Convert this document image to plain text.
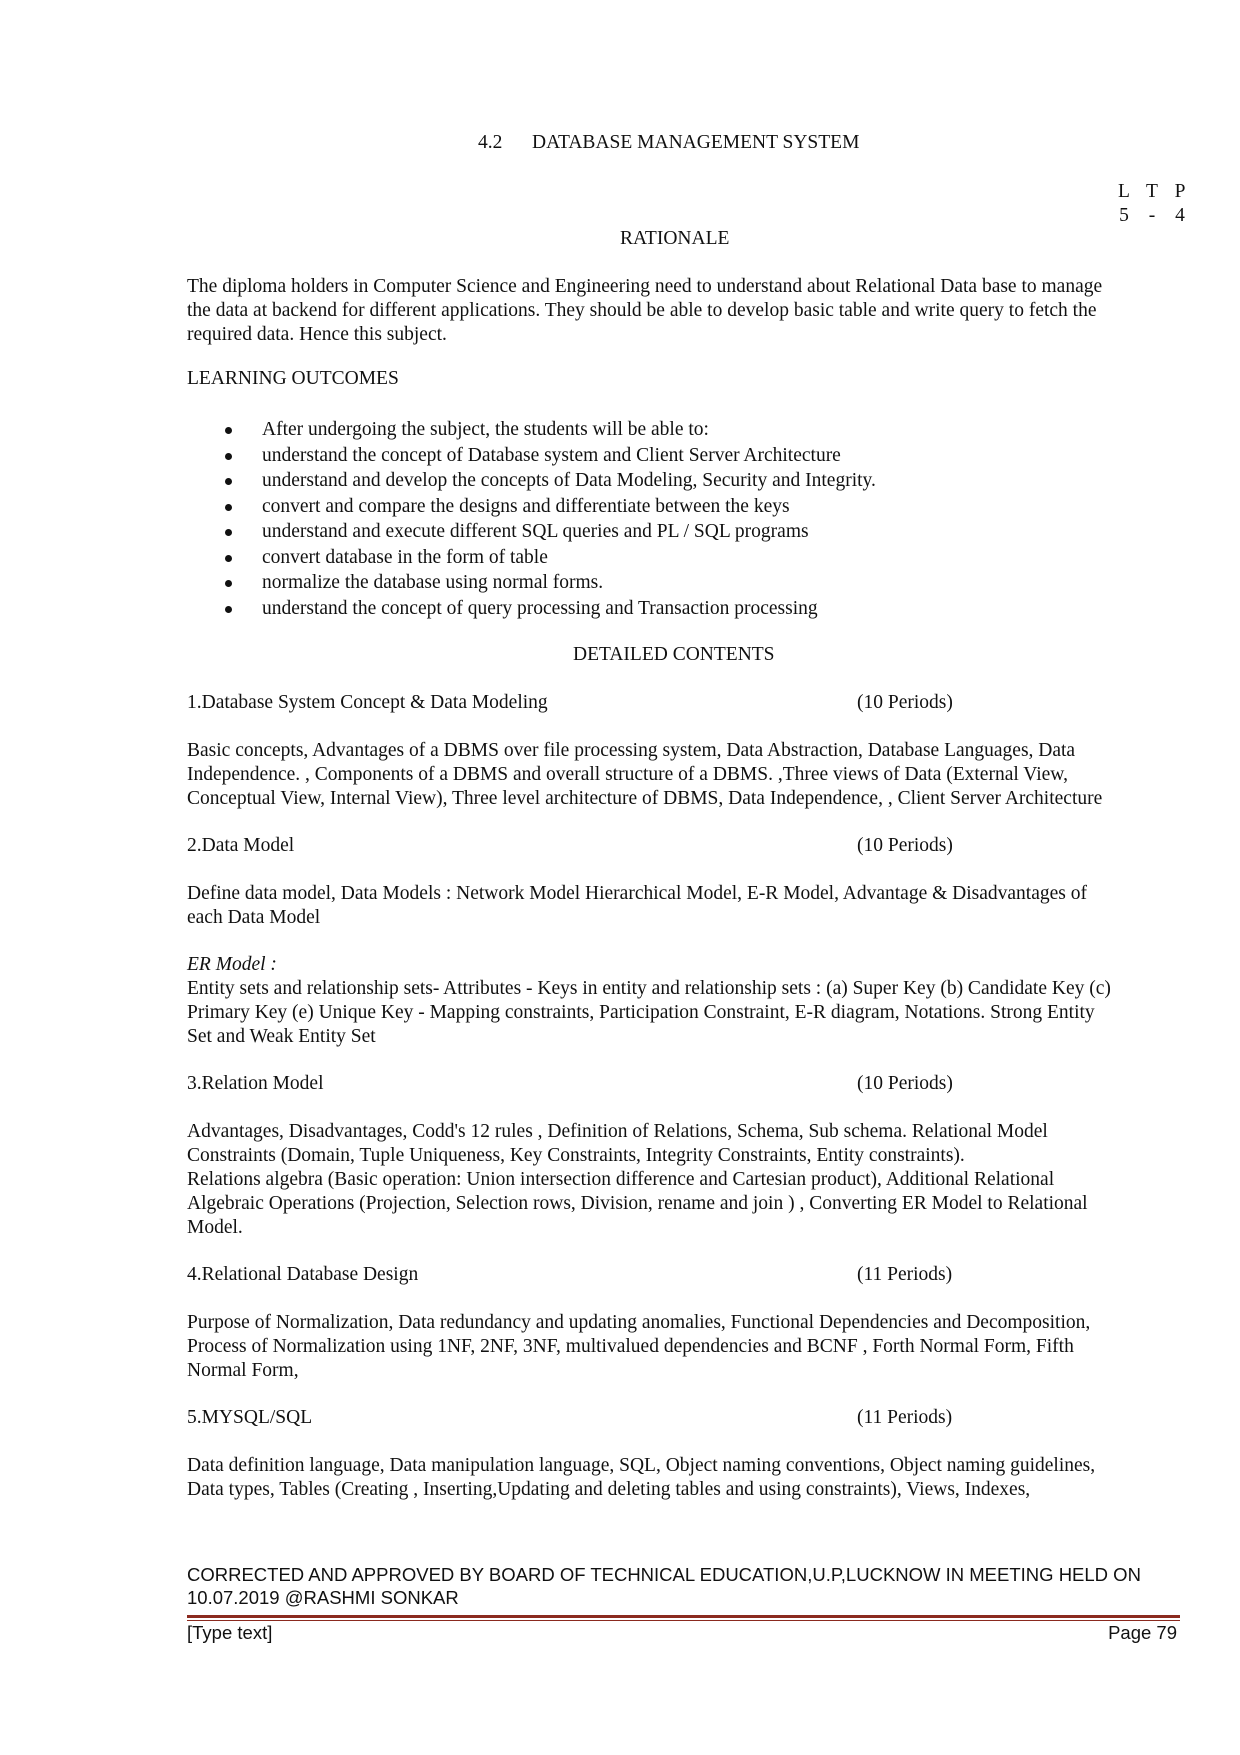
4.2 DATABASE MANAGEMENT SYSTEM
L T P
5 - 4
RATIONALE
The diploma holders in Computer Science and Engineering need to understand about Relational Data base to manage
the data at backend for different applications. They should be able to develop basic table and write query to fetch the
required data. Hence this subject.
LEARNING OUTCOMES
After undergoing the subject, the students will be able to:
understand the concept of Database system and Client Server Architecture
understand and develop the concepts of Data Modeling, Security and Integrity.
convert and compare the designs and differentiate between the keys
understand and execute different SQL queries and PL / SQL programs
convert database in the form of table
normalize the database using normal forms.
understand the concept of query processing and Transaction processing
DETAILED CONTENTS
1.Database System Concept & Data Modeling	(10 Periods)
Basic concepts, Advantages of a DBMS over file processing system, Data Abstraction, Database Languages, Data
Independence. , Components of a DBMS and overall structure of a DBMS. ,Three views of Data (External View,
Conceptual View, Internal View), Three level architecture of DBMS, Data Independence, , Client Server Architecture
2.Data Model	(10 Periods)
Define data model, Data Models : Network Model Hierarchical Model, E-R Model, Advantage & Disadvantages of
each Data Model
ER Model :
Entity sets and relationship sets- Attributes - Keys in entity and relationship sets : (a) Super Key (b) Candidate Key (c)
Primary Key (e) Unique Key - Mapping constraints, Participation Constraint, E-R diagram, Notations. Strong Entity
Set and Weak Entity Set
3.Relation Model	(10 Periods)
Advantages, Disadvantages, Codd's 12 rules , Definition of Relations, Schema, Sub schema. Relational Model
Constraints (Domain, Tuple Uniqueness, Key Constraints, Integrity Constraints, Entity constraints).
Relations algebra (Basic operation: Union intersection difference and Cartesian product), Additional Relational
Algebraic Operations (Projection, Selection rows, Division, rename and join ) , Converting ER Model to Relational
Model.
4.Relational Database Design	(11 Periods)
Purpose of Normalization, Data redundancy and updating anomalies, Functional Dependencies and Decomposition,
Process of Normalization using 1NF, 2NF, 3NF, multivalued dependencies and BCNF , Forth Normal Form, Fifth
Normal Form,
5.MYSQL/SQL	(11 Periods)
Data definition language, Data manipulation language, SQL, Object naming conventions, Object naming guidelines,
Data types, Tables (Creating , Inserting,Updating and deleting tables and using constraints), Views, Indexes,
CORRECTED AND APPROVED BY BOARD OF TECHNICAL EDUCATION,U.P,LUCKNOW IN MEETING HELD ON
10.07.2019 @RASHMI SONKAR
[Type text]	Page 79
